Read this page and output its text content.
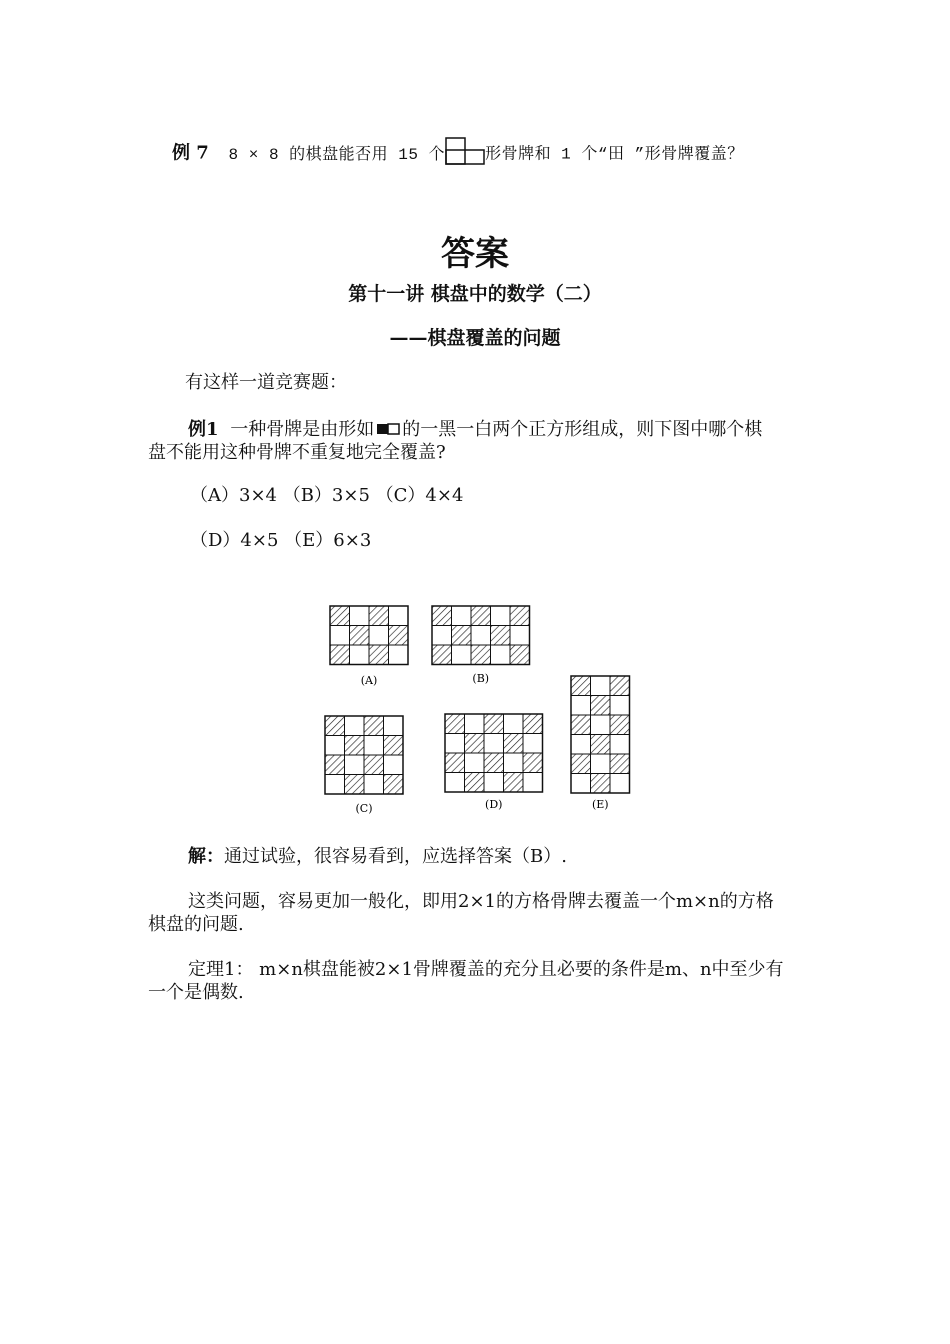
例 7 8 × 8 的棋盘能否用 15 个	形骨牌和 1 个“田 ”形骨牌覆盖？
答案
第十一讲 棋盘中的数学（二）
——棋盘覆盖的问题
有这样一道竞赛题：
例1 一种骨牌是由形如 的一黑一白两个正方形组成，则下图中哪个棋
盘不能用这种骨牌不重复地完全覆盖?
（A）3×4 （B）3×5 （C）4×4
（D）4×5 （E）6×3
(A)	(B)
(C)	(D)	(E)
解：通过试验，很容易看到，应选择答案（B）.
这类问题，容易更加一般化，即用2×1的方格骨牌去覆盖一个m×n的方格
棋盘的问题.
定理1： m×n棋盘能被2×1骨牌覆盖的充分且必要的条件是m、n中至少有
一个是偶数.
